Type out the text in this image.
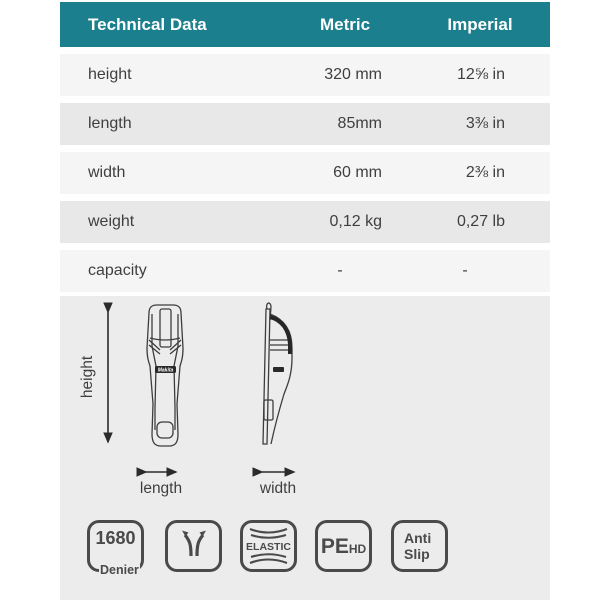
Technical Data	Metric	Imperial
height	320 mm	12⅝ in
length	85mm	3⅜ in
width	60 mm	2⅜ in
weight	0,12 kg	0,27 lb
capacity	-	-
height	Makita
length	width
1680
Denier
ELASTIC PE HD
Anti
Slip
